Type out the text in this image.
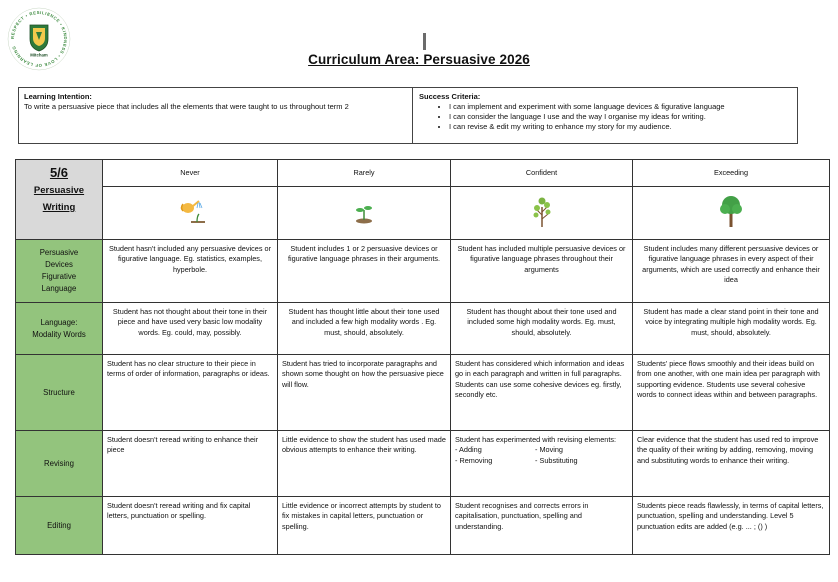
RESPECT • RESILIENCE • KINDNESS • LOVE OF LEARNING
Mitcham	Curriculum Area: Persuasive 2026
Learning Intention:
To write a persuasive piece that includes all the elements that were taught to us throughout term 2
Success Criteria:
• I can implement and experiment with some language devices & figurative language
• I can consider the language I use and the way I organise my ideas for writing.
• I can revise & edit my writing to enhance my story for my audience.
5/6
Persuasive
Writing	Never	Rarely	Confident	Exceeding

Persuasive
Devices
Figurative
Language	Student hasn't included any persuasive devices or figurative language. Eg. statistics, examples, hyperbole.	Student includes 1 or 2 persuasive devices or figurative language phrases in their arguments.	Student has included multiple persuasive devices or figurative language phrases throughout their arguments	Student includes many different persuasive devices or figurative language phrases in every aspect of their arguments, which are used correctly and enhance their idea
Language:
Modality Words	Student has not thought about their tone in their piece and have used very basic low modality words. Eg. could, may, possibly.	Student has thought little about their tone used and included a few high modality words . Eg. must, should, absolutely.	Student has thought about their tone used and included some high modality words. Eg. must, should, absolutely.	Student has made a clear stand point in their tone and voice by integrating multiple high modality words. Eg. must, should, absolutely.
Structure	Student has no clear structure to their piece in terms of order of information, paragraphs or ideas.	Student has tried to incorporate paragraphs and shown some thought on how the persuasive piece will flow.	Student has considered which information and ideas go in each paragraph and written in full paragraphs. Students can use some cohesive devices eg. firstly, secondly etc.	Students' piece flows smoothly and their ideas build on from one another, with one main idea per paragraph with supporting evidence. Students use several cohesive words to connect ideas within and between paragraphs.
Revising	Student doesn't reread writing to enhance their piece	Little evidence to show the student has used made obvious attempts to enhance their writing.	Student has experimented with revising elements:
- Adding - Moving
- Removing - Substituting	Clear evidence that the student has used red to improve the quality of their writing by adding, removing, moving and substituting words to enhance their writing.
Editing	Student doesn't reread writing and fix capital letters, punctuation or spelling.	Little evidence or incorrect attempts by student to fix mistakes in capital letters, punctuation or spelling.	Student recognises and corrects errors in capitalisation, punctuation, spelling and understanding.	Students piece reads flawlessly, in terms of capital letters, punctuation, spelling and understanding. Level 5 punctuation edits are added (e.g. ... ; () )
